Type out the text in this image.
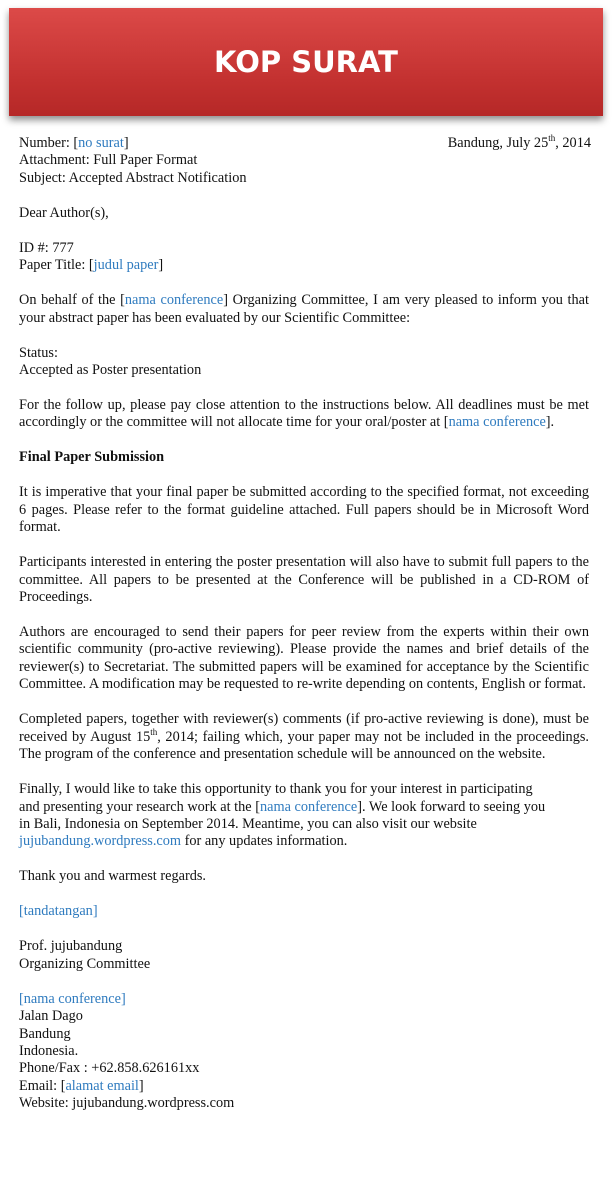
KOP SURAT
Number: [no surat]	Bandung, July 25th, 2014
Attachment: Full Paper Format
Subject: Accepted Abstract Notification
Dear Author(s),
ID #: 777
Paper Title: [judul paper]
On behalf of the [nama conference] Organizing Committee, I am very pleased to inform you that your abstract paper has been evaluated by our Scientific Committee:
Status:
Accepted as Poster presentation
For the follow up, please pay close attention to the instructions below. All deadlines must be met accordingly or the committee will not allocate time for your oral/poster at [nama conference].
Final Paper Submission
It is imperative that your final paper be submitted according to the specified format, not exceeding 6 pages. Please refer to the format guideline attached. Full papers should be in Microsoft Word format.
Participants interested in entering the poster presentation will also have to submit full papers to the committee. All papers to be presented at the Conference will be published in a CD-ROM of Proceedings.
Authors are encouraged to send their papers for peer review from the experts within their own scientific community (pro-active reviewing). Please provide the names and brief details of the reviewer(s) to Secretariat. The submitted papers will be examined for acceptance by the Scientific Committee. A modification may be requested to re-write depending on contents, English or format.
Completed papers, together with reviewer(s) comments (if pro-active reviewing is done), must be received by August 15th, 2014; failing which, your paper may not be included in the proceedings. The program of the conference and presentation schedule will be announced on the website.
Finally, I would like to take this opportunity to thank you for your interest in participating
and presenting your research work at the [nama conference]. We look forward to seeing you
in Bali, Indonesia on September 2014. Meantime, you can also visit our website
jujubandung.wordpress.com for any updates information.
Thank you and warmest regards.
[tandatangan]
Prof. jujubandung
Organizing Committee
[nama conference]
Jalan Dago
Bandung
Indonesia.
Phone/Fax : +62.858.626161xx
Email: [alamat email]
Website: jujubandung.wordpress.com
